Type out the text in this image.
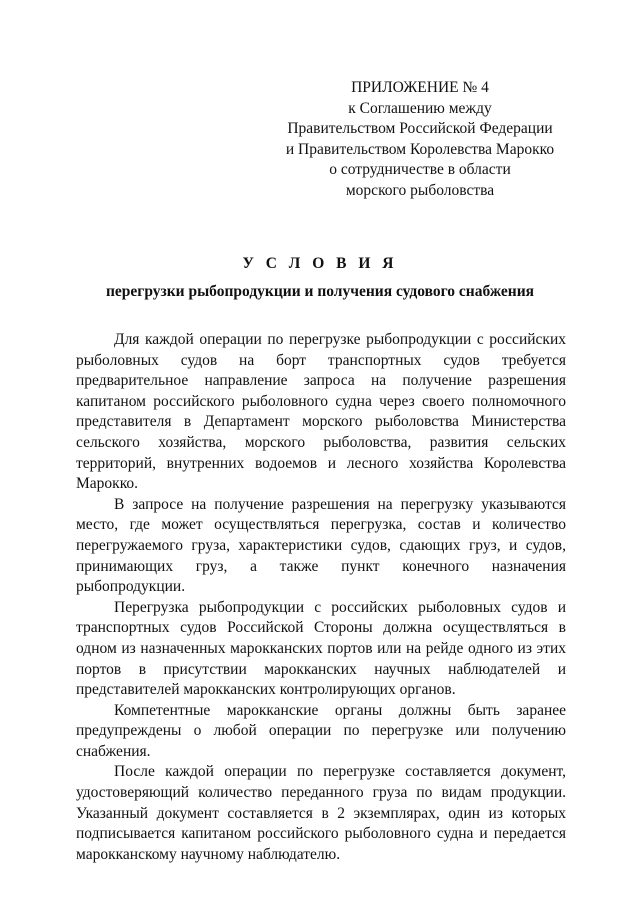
ПРИЛОЖЕНИЕ № 4
к Соглашению между
Правительством Российской Федерации
и Правительством Королевства Марокко
о сотрудничестве в области
морского рыболовства
У С Л О В И Я
перегрузки рыбопродукции и получения судового снабжения

Для каждой операции по перегрузке рыбопродукции с российских рыболовных судов на борт транспортных судов требуется предварительное направление запроса на получение разрешения капитаном российского рыболовного судна через своего полномочного представителя в Департамент морского рыболовства Министерства сельского хозяйства, морского рыболовства, развития сельских территорий, внутренних водоемов и лесного хозяйства Королевства Марокко.

В запросе на получение разрешения на перегрузку указываются место, где может осуществляться перегрузка, состав и количество перегружаемого груза, характеристики судов, сдающих груз, и судов, принимающих груз, а также пункт конечного назначения рыбопродукции.

Перегрузка рыбопродукции с российских рыболовных судов и транспортных судов Российской Стороны должна осуществляться в одном из назначенных марокканских портов или на рейде одного из этих портов в присутствии марокканских научных наблюдателей и представителей марокканских контролирующих органов.

Компетентные марокканские органы должны быть заранее предупреждены о любой операции по перегрузке или получению снабжения.

После каждой операции по перегрузке составляется документ, удостоверяющий количество переданного груза по видам продукции. Указанный документ составляется в 2 экземплярах, один из которых подписывается капитаном российского рыболовного судна и передается марокканскому научному наблюдателю.
